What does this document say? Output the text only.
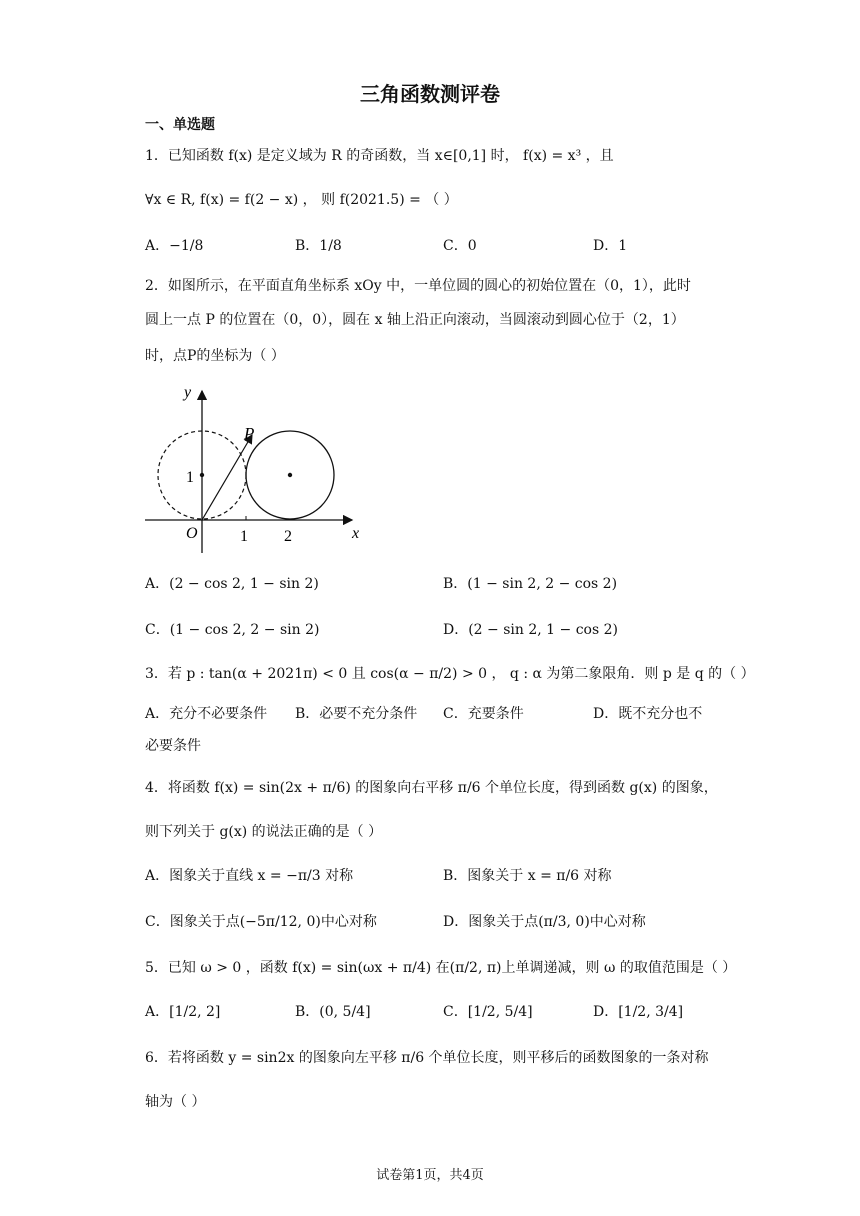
三角函数测评卷
一、单选题
1．已知函数 f(x) 是定义域为 R 的奇函数，当 x∈[0,1] 时， f(x) = x³ ，且
∀x ∈ R, f(x) = f(2 − x) ， 则 f(2021.5) = （ ）
A．−1/8	B．1/8	C．0	D．1
2．如图所示，在平面直角坐标系 xOy 中，一单位圆的圆心的初始位置在（0，1），此时
圆上一点 P 的位置在（0，0），圆在 x 轴上沿正向滚动，当圆滚动到圆心位于（2，1）
时，点P的坐标为（ ）
y
x
O
P
1
1 2
A．(2 − cos 2, 1 − sin 2)	B．(1 − sin 2, 2 − cos 2)
C．(1 − cos 2, 2 − sin 2)	D．(2 − sin 2, 1 − cos 2)
3．若 p : tan(α + 2021π) < 0 且 cos(α − π/2) > 0 ， q : α 为第二象限角．则 p 是 q 的（ ）
A．充分不必要条件 B．必要不充分条件 C．充要条件	D．既不充分也不
必要条件
4．将函数 f(x) = sin(2x + π/6) 的图象向右平移 π/6 个单位长度，得到函数 g(x) 的图象，
则下列关于 g(x) 的说法正确的是（ ）
A．图象关于直线 x = −π/3 对称	B．图象关于 x = π/6 对称
C．图象关于点(−5π/12, 0)中心对称	D．图象关于点(π/3, 0)中心对称
5．已知 ω > 0 ，函数 f(x) = sin(ωx + π/4) 在(π/2, π)上单调递减，则 ω 的取值范围是（ ）
A．[1/2, 2]	B．(0, 5/4]	C．[1/2, 5/4]	D．[1/2, 3/4]
6．若将函数 y = sin2x 的图象向左平移 π/6 个单位长度，则平移后的函数图象的一条对称
轴为（ ）
试卷第1页，共4页
